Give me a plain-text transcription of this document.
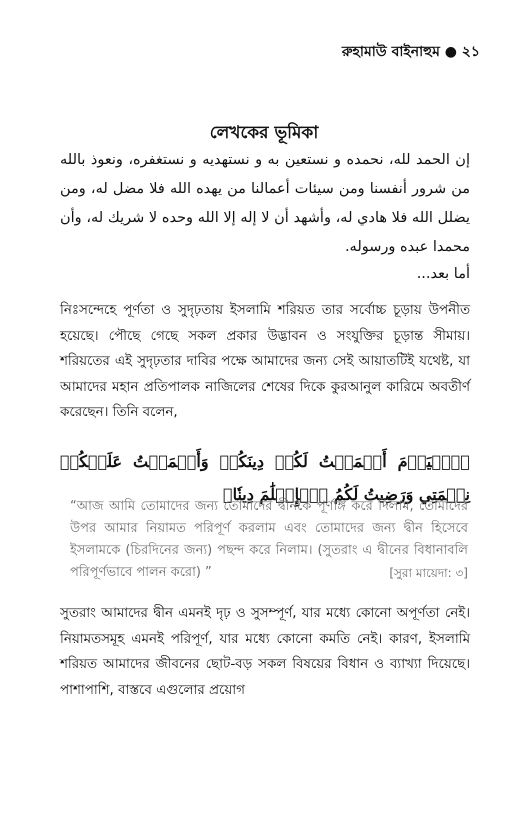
রুহামাউ বাইনাহুম ● ২১
লেখকের ভূমিকা
إن الحمد لله، نحمده و نستعين به و نستهديه و نستغفره، ونعوذ بالله من شرور أنفسنا ومن سيئات أعمالنا من يهده الله فلا مضل له، ومن يضلل الله فلا هادي له، وأشهد أن لا إله إلا الله وحده لا شريك له، وأن محمدا عبده ورسوله.
أما بعد...
নিঃসন্দেহে পূর্ণতা ও সুদৃঢ়তায় ইসলামি শরিয়ত তার সর্বোচ্চ চূড়ায় উপনীত হয়েছে। পৌছে গেছে সকল প্রকার উদ্ভাবন ও সংযুক্তির চূড়ান্ত সীমায়। শরিয়তের এই সুদৃঢ়তার দাবির পক্ষে আমাদের জন্য সেই আয়াতটিই যথেষ্ট, যা আমাদের মহান প্রতিপালক নাজিলের শেষের দিকে কুরআনুল কারিমে অবতীর্ণ করেছেন। তিনি বলেন,
﴿ٱلۡيَوۡمَ أَكۡمَلۡتُ لَكُمۡ دِينَكُمۡ وَأَتۡمَمۡتُ عَلَيۡكُمۡ نِعۡمَتِي وَرَضِيتُ لَكُمُ ٱلۡإِسۡلَٰمَ دِينٗا﴾
“আজ আমি তোমাদের জন্য তোমাদের দ্বীনকে পূর্ণাঙ্গ করে দিলাম, তোমাদের উপর আমার নিয়ামত পরিপূর্ণ করলাম এবং তোমাদের জন্য দ্বীন হিসেবে ইসলামকে (চিরদিনের জন্য) পছন্দ করে নিলাম। (সুতরাং এ দ্বীনের বিধানাবলি পরিপূর্ণভাবে পালন করো) ”	[সুরা মায়েদা: ৩]
সুতরাং আমাদের দ্বীন এমনই দৃঢ় ও সুসম্পূর্ণ, যার মধ্যে কোনো অপূর্ণতা নেই। নিয়ামতসমূহ এমনই পরিপূর্ণ, যার মধ্যে কোনো কমতি নেই। কারণ, ইসলামি শরিয়ত আমাদের জীবনের ছোট-বড় সকল বিষয়ের বিধান ও ব্যাখ্যা দিয়েছে। পাশাপাশি, বাস্তবে এগুলোর প্রয়োগ
